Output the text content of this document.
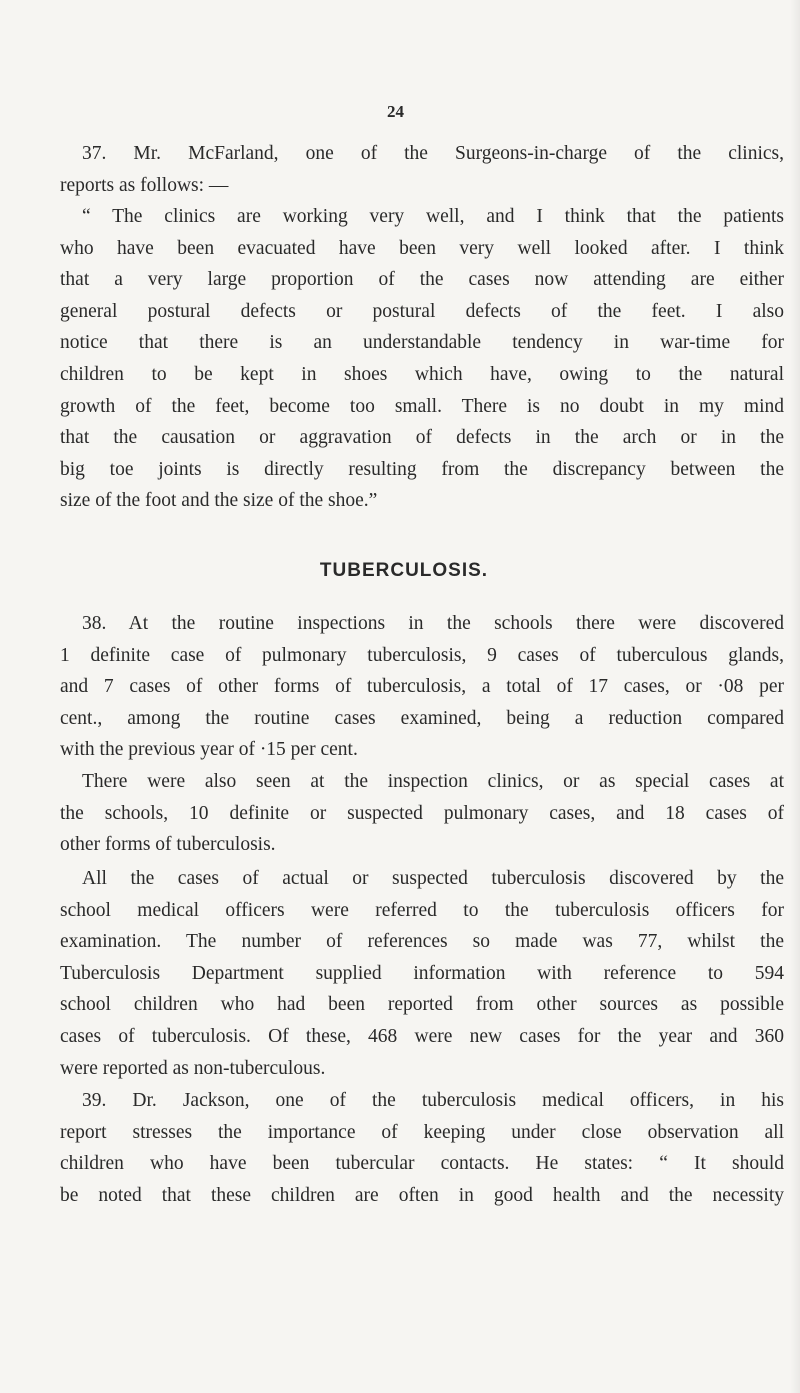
24

37. Mr. McFarland, one of the Surgeons-in-charge of the clinics,
reports as follows: —

“ The clinics are working very well, and I think that the patients
who have been evacuated have been very well looked after. I think
that a very large proportion of the cases now attending are either
general postural defects or postural defects of the feet. I also
notice that there is an understandable tendency in war-time for
children to be kept in shoes which have, owing to the natural
growth of the feet, become too small. There is no doubt in my mind
that the causation or aggravation of defects in the arch or in the
big toe joints is directly resulting from the discrepancy between the
size of the foot and the size of the shoe.”

TUBERCULOSIS.

38. At the routine inspections in the schools there were discovered
1 definite case of pulmonary tuberculosis, 9 cases of tuberculous glands,
and 7 cases of other forms of tuberculosis, a total of 17 cases, or ·08 per
cent., among the routine cases examined, being a reduction compared
with the previous year of ·15 per cent.

There were also seen at the inspection clinics, or as special cases at
the schools, 10 definite or suspected pulmonary cases, and 18 cases of
other forms of tuberculosis.

All the cases of actual or suspected tuberculosis discovered by the
school medical officers were referred to the tuberculosis officers for
examination. The number of references so made was 77, whilst the
Tuberculosis Department supplied information with reference to 594
school children who had been reported from other sources as possible
cases of tuberculosis. Of these, 468 were new cases for the year and 360
were reported as non-tuberculous.

39. Dr. Jackson, one of the tuberculosis medical officers, in his
report stresses the importance of keeping under close observation all
children who have been tubercular contacts. He states: “ It should
be noted that these children are often in good health and the necessity
